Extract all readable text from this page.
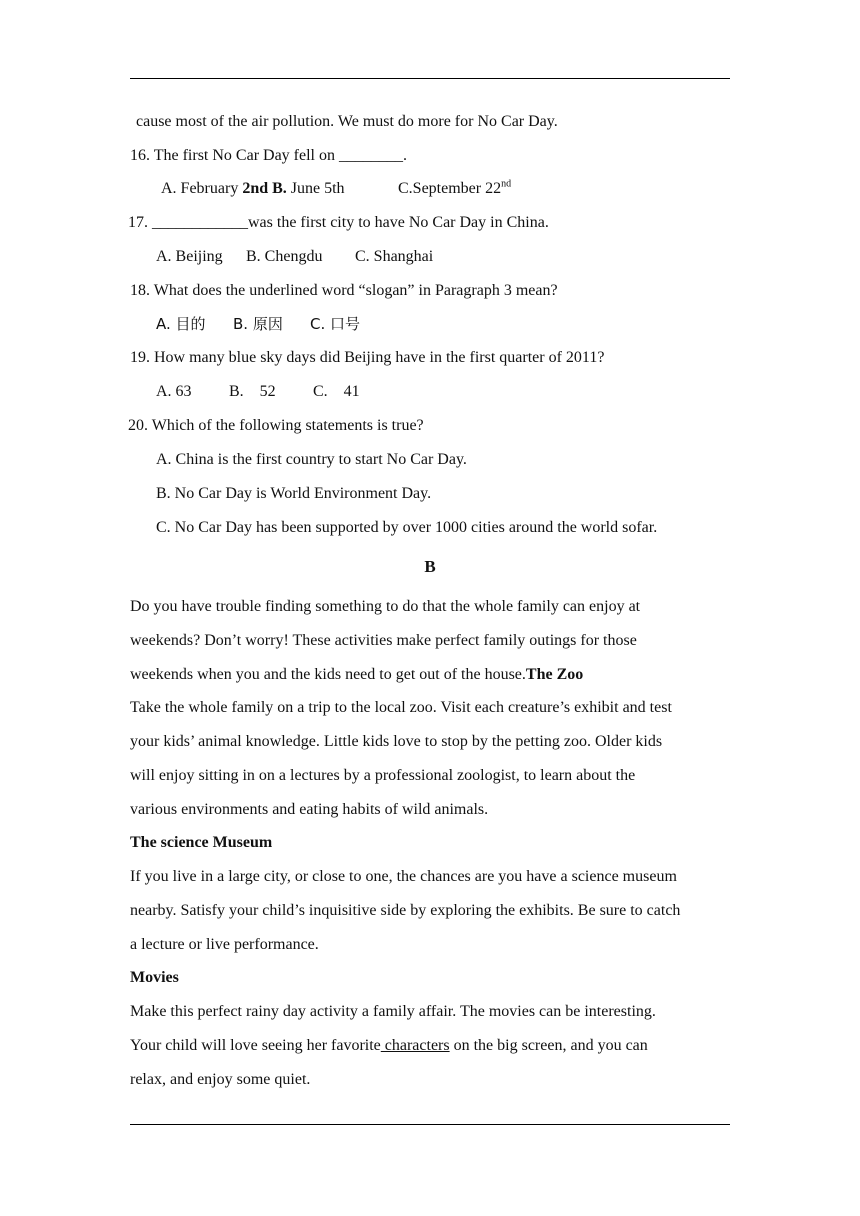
cause most of the air pollution. We must do more for No Car Day.
16. The first No Car Day fell on ________.
A. February 2nd B. June 5th	C.September 22nd
17. ____________was the first city to have No Car Day in China.
A. Beijing B. Chengdu C. Shanghai
18. What does the underlined word “slogan” in Paragraph 3 mean?
A. 目的 B. 原因 C. 口号
19. How many blue sky days did Beijing have in the first quarter of 2011?
A. 63 B.    52 C.    41
20. Which of the following statements is true?
A. China is the first country to start No Car Day.
B. No Car Day is World Environment Day.
C. No Car Day has been supported by over 1000 cities around the world sofar.
B
Do you have trouble finding something to do that the whole family can enjoy at
weekends? Don’t worry! These activities make perfect family outings for those
weekends when you and the kids need to get out of the house.The Zoo
Take the whole family on a trip to the local zoo. Visit each creature’s exhibit and test
your kids’ animal knowledge. Little kids love to stop by the petting zoo. Older kids
will enjoy sitting in on a lectures by a professional zoologist, to learn about the
various environments and eating habits of wild animals.
The science Museum
If you live in a large city, or close to one, the chances are you have a science museum
nearby. Satisfy your child’s inquisitive side by exploring the exhibits. Be sure to catch
a lecture or live performance.
Movies
Make this perfect rainy day activity a family affair. The movies can be interesting.
Your child will love seeing her favorite characters on the big screen, and you can
relax, and enjoy some quiet.
